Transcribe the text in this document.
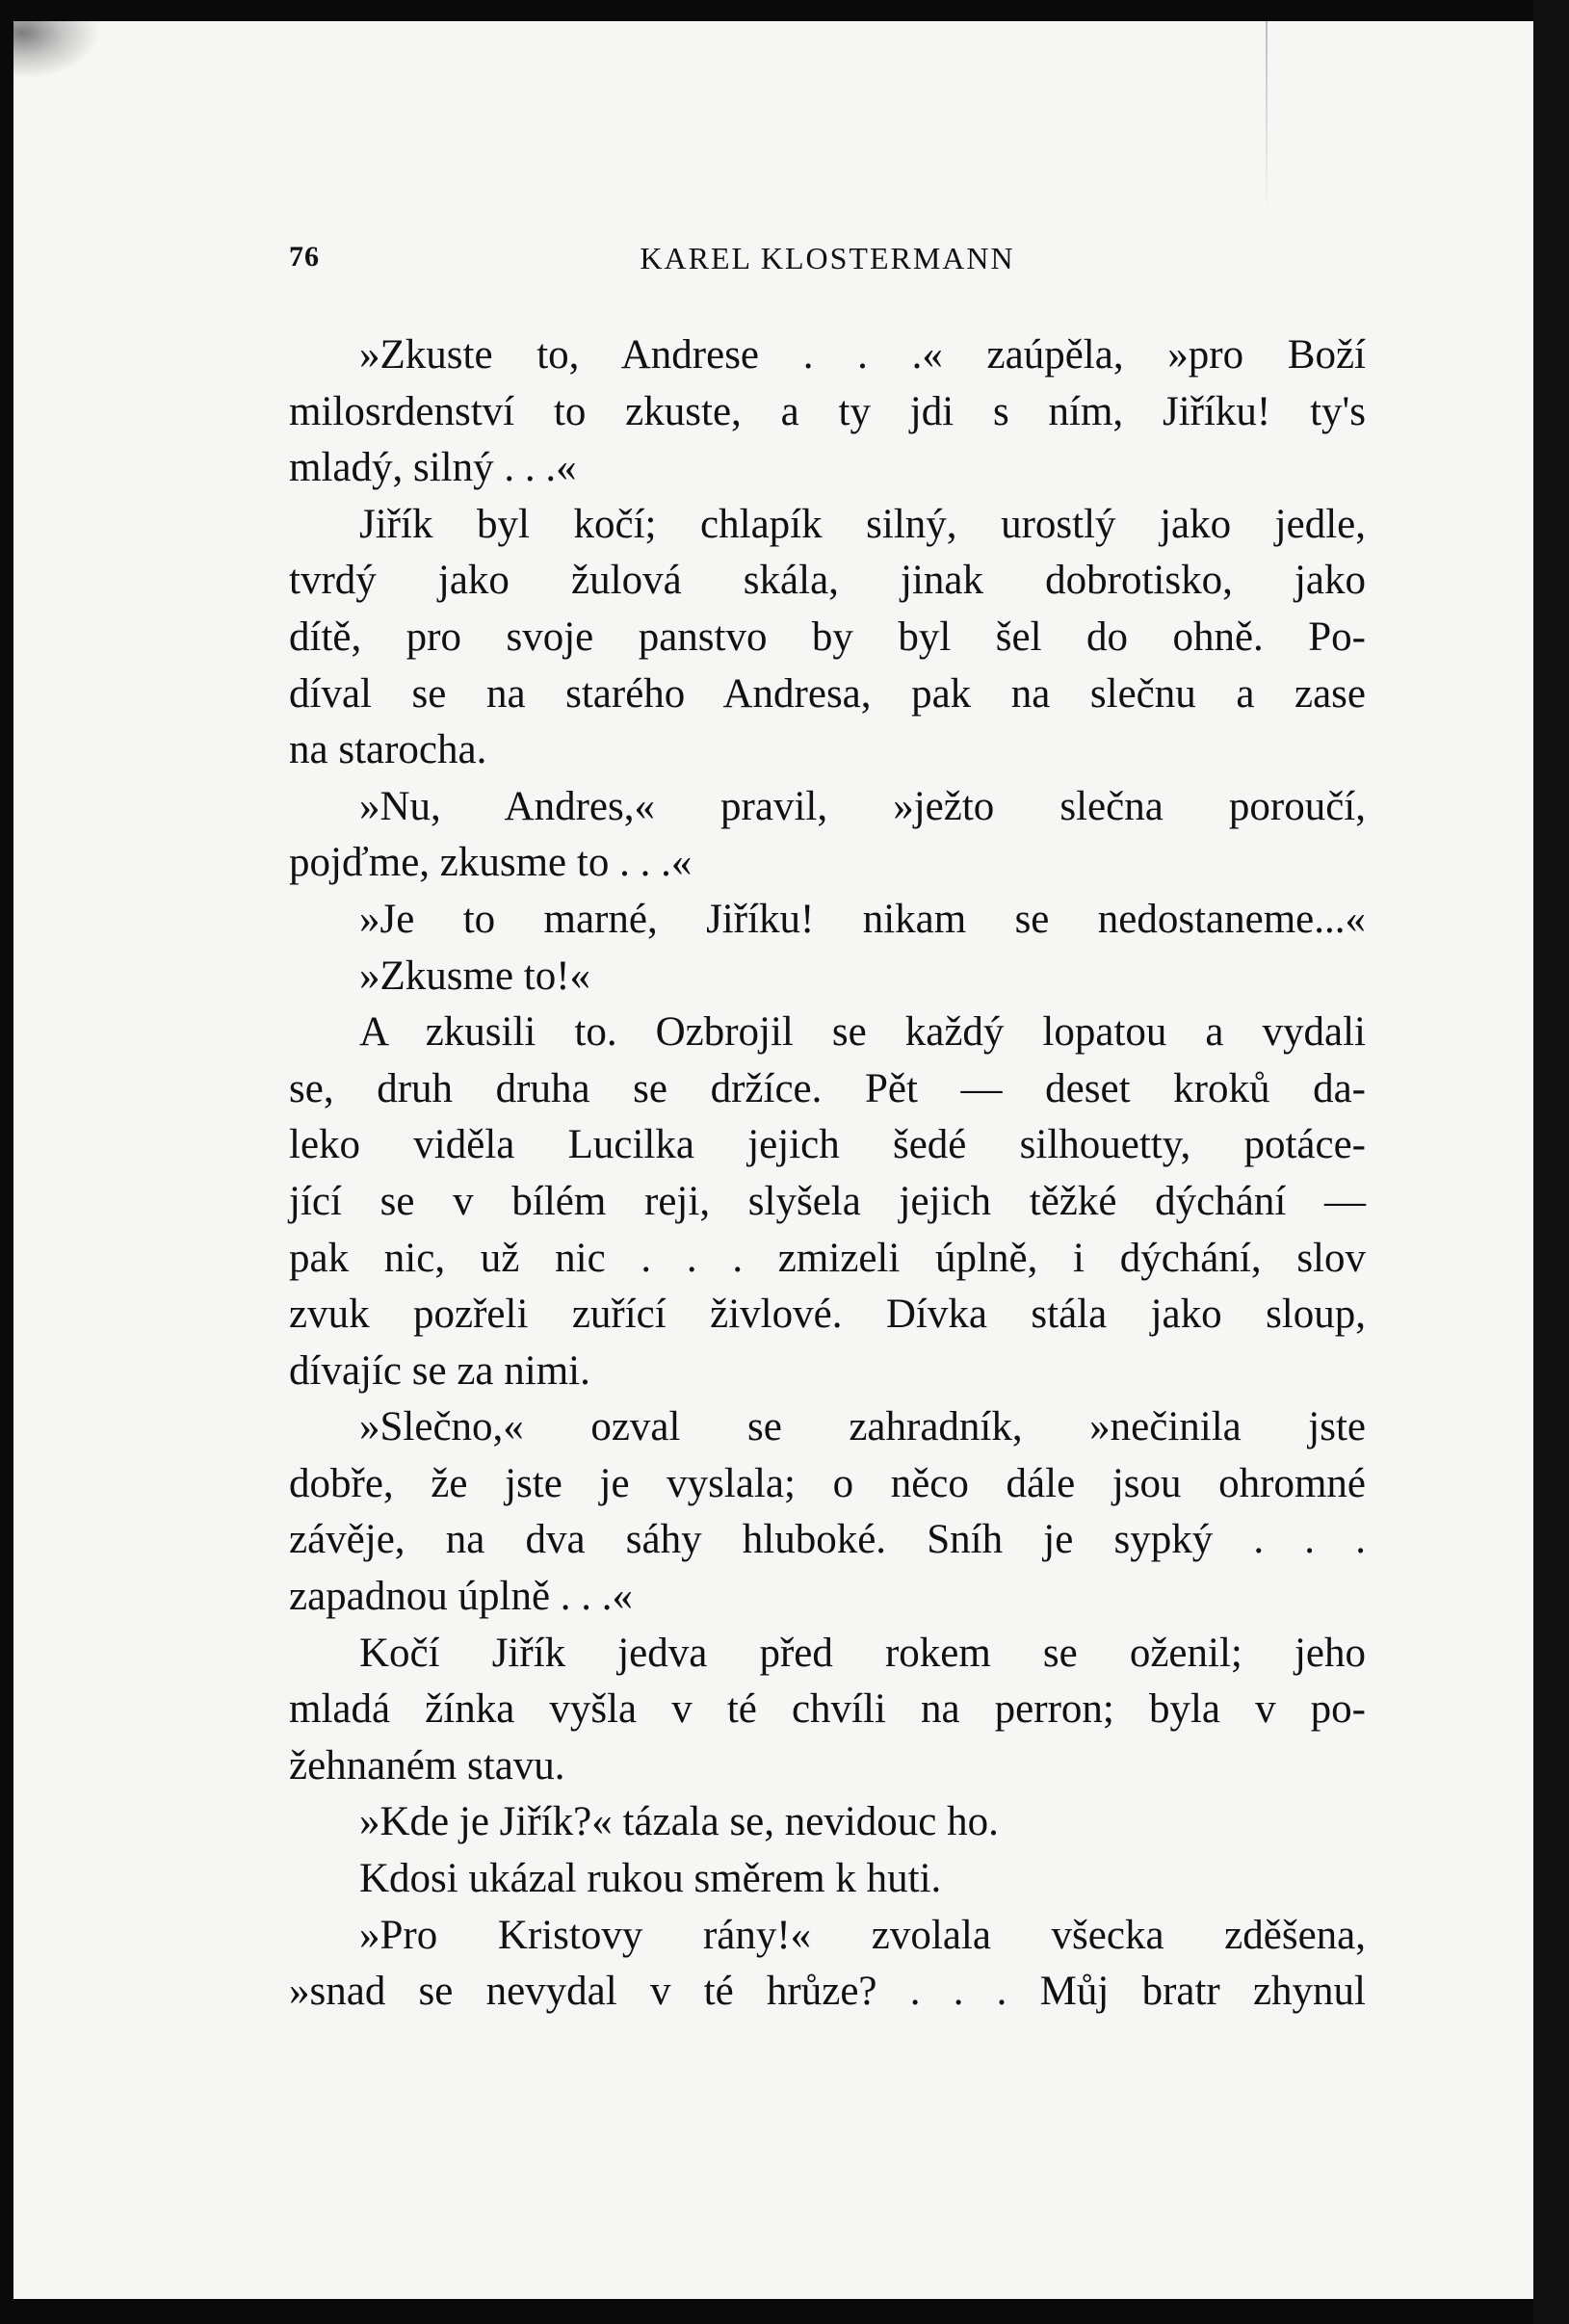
76	KAREL KLOSTERMANN
»Zkuste to, Andrese . . .« zaúpěla, »pro Boží
milosrdenství to zkuste, a ty jdi s ním, Jiříku! ty's
mladý, silný . . .«
Jiřík byl kočí; chlapík silný, urostlý jako jedle,
tvrdý jako žulová skála, jinak dobrotisko, jako
dítě, pro svoje panstvo by byl šel do ohně. Po-
díval se na starého Andresa, pak na slečnu a zase
na starocha.
»Nu, Andres,« pravil, »ježto slečna poroučí,
pojďme, zkusme to . . .«
»Je to marné, Jiříku! nikam se nedostaneme...«
»Zkusme to!«
A zkusili to. Ozbrojil se každý lopatou a vydali
se, druh druha se držíce. Pět — deset kroků da-
leko viděla Lucilka jejich šedé silhouetty, potáce-
jící se v bílém reji, slyšela jejich těžké dýchání —
pak nic, už nic . . . zmizeli úplně, i dýchání, slov
zvuk pozřeli zuřící živlové. Dívka stála jako sloup,
dívajíc se za nimi.
»Slečno,« ozval se zahradník, »nečinila jste
dobře, že jste je vyslala; o něco dále jsou ohromné
závěje, na dva sáhy hluboké. Sníh je sypký . . .
zapadnou úplně . . .«
Kočí Jiřík jedva před rokem se oženil; jeho
mladá žínka vyšla v té chvíli na perron; byla v po-
žehnaném stavu.
»Kde je Jiřík?« tázala se, nevidouc ho.
Kdosi ukázal rukou směrem k huti.
»Pro Kristovy rány!« zvolala všecka zděšena,
»snad se nevydal v té hrůze? . . . Můj bratr zhynul
